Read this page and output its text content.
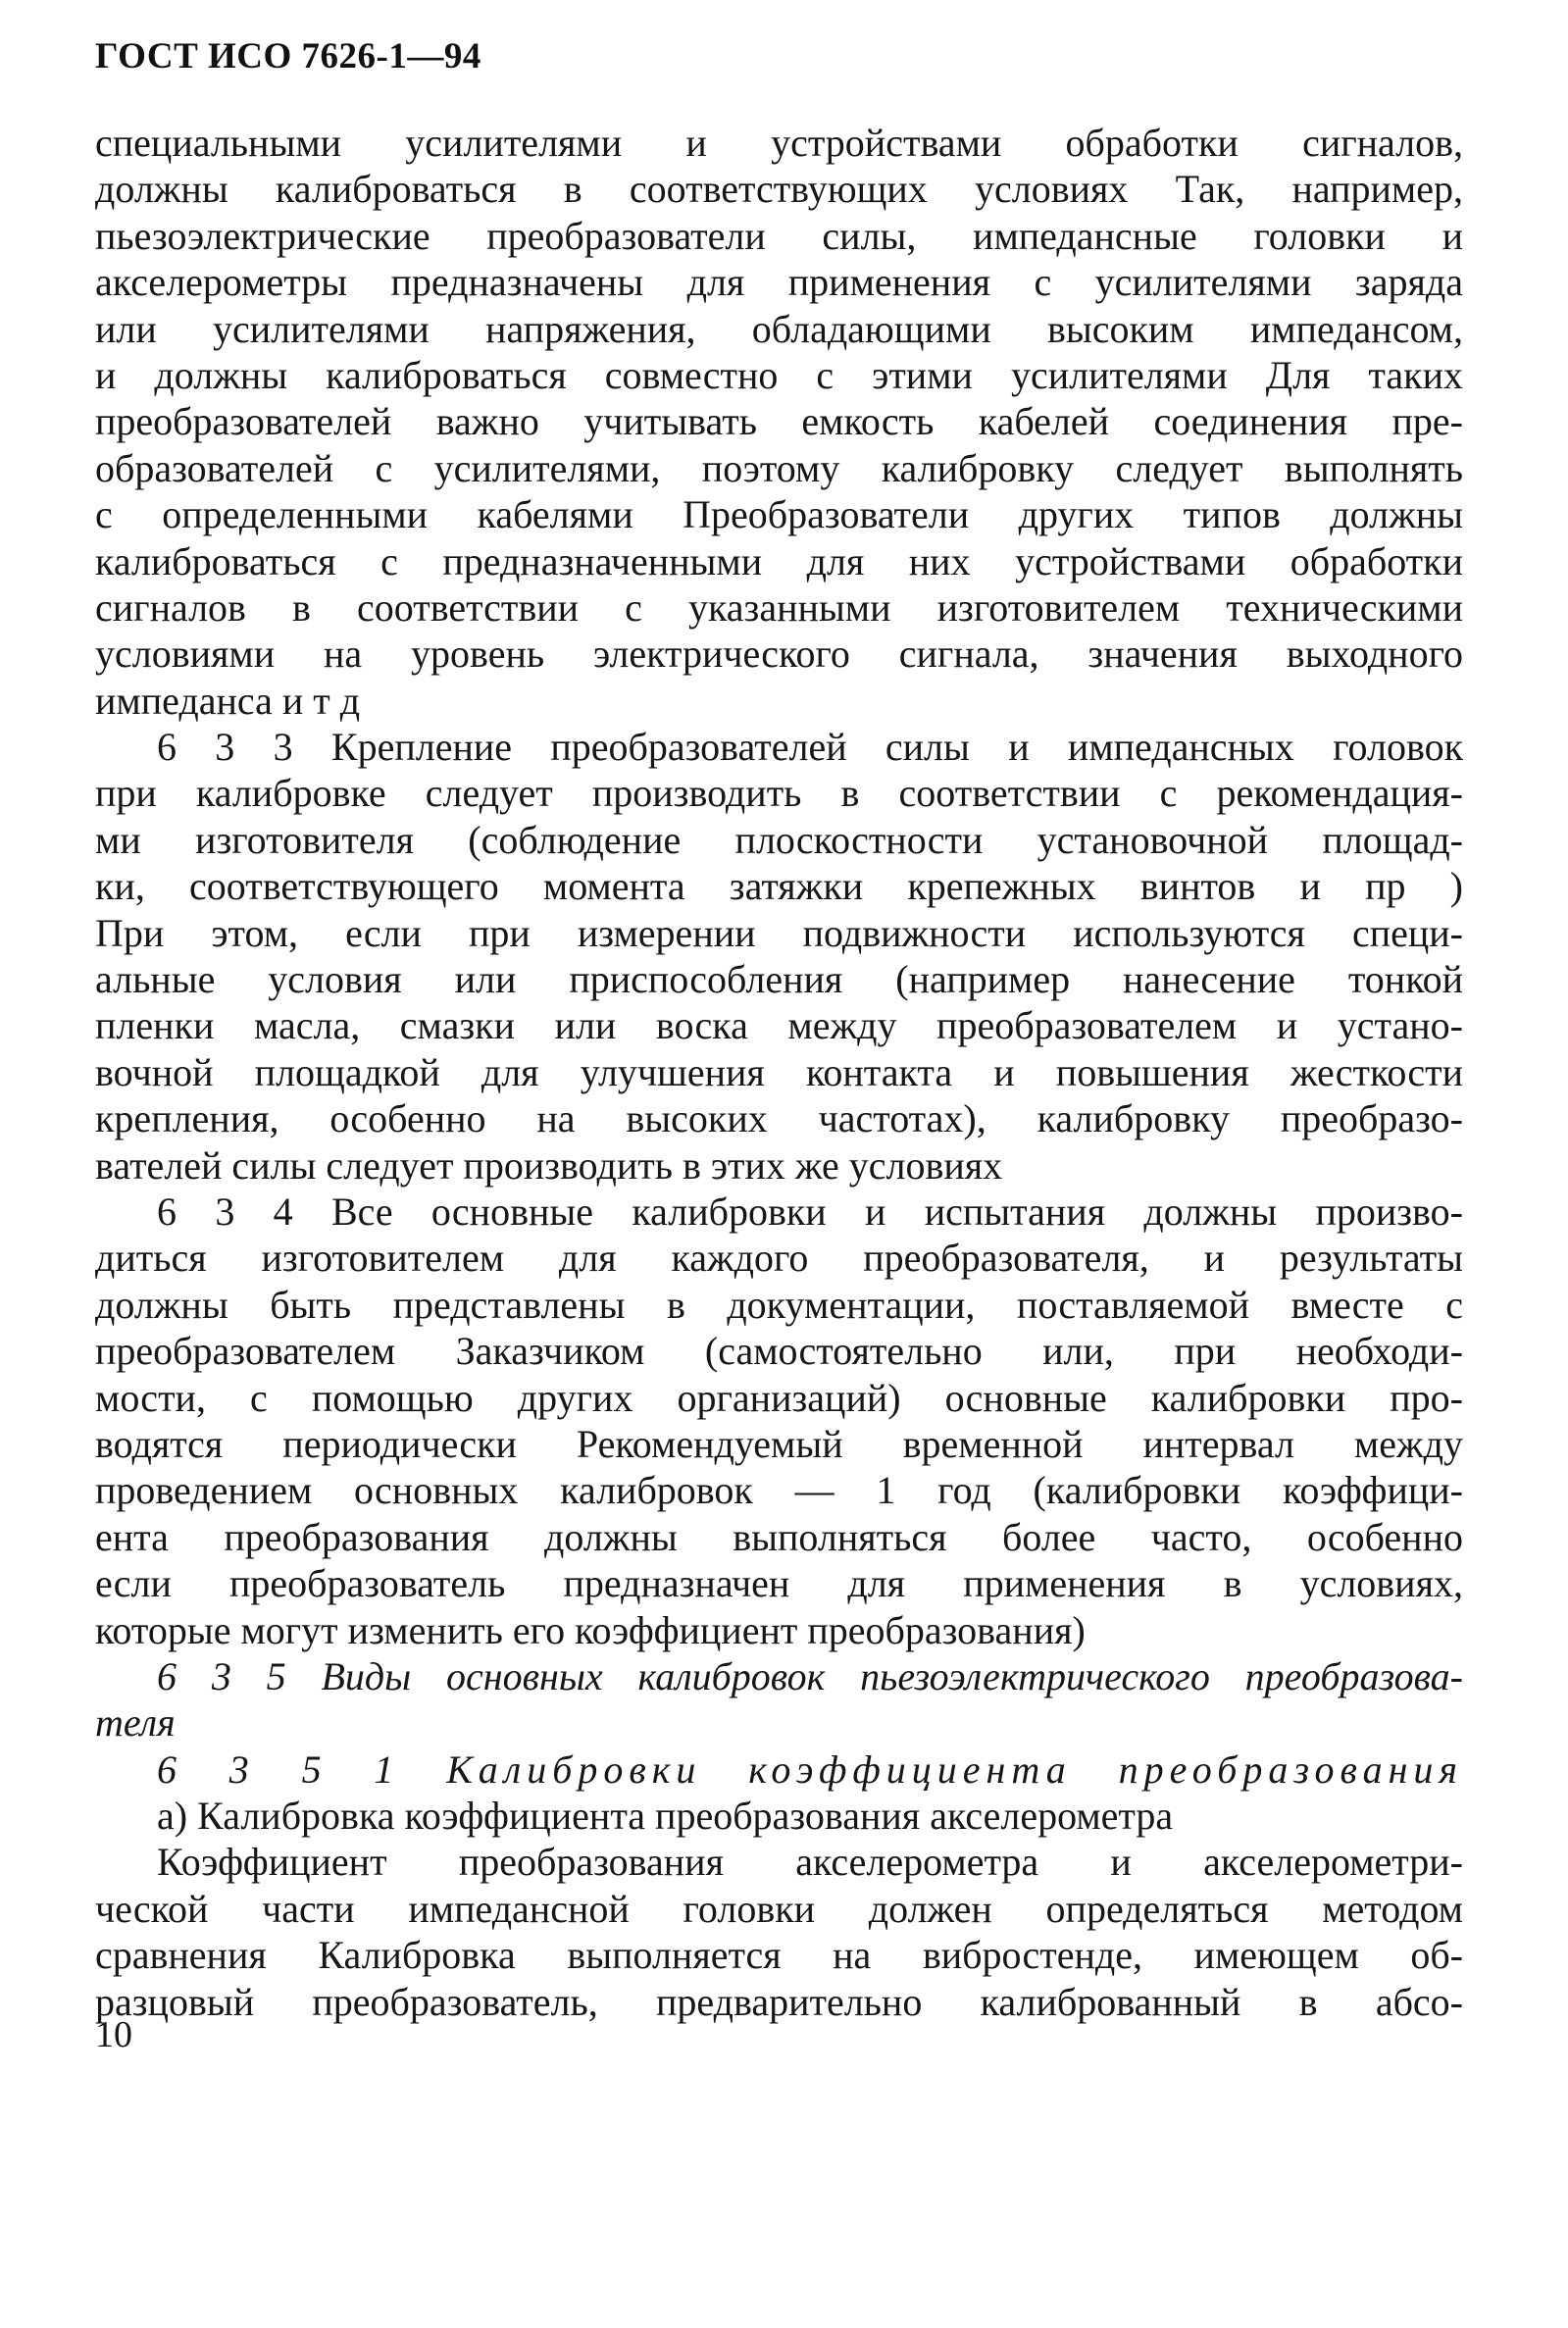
ГОСТ ИСО 7626-1—94
специальными усилителями и устройствами обработки сигналов,
должны калиброваться в соответствующих условиях Так, например,
пьезоэлектрические преобразователи силы, импедансные головки и
акселерометры предназначены для применения с усилителями заряда
или усилителями напряжения, обладающими высоким импедансом,
и должны калиброваться совместно с этими усилителями Для таких
преобразователей важно учитывать емкость кабелей соединения пре-
образователей с усилителями, поэтому калибровку следует выполнять
с определенными кабелями Преобразователи других типов должны
калиброваться с предназначенными для них устройствами обработки
сигналов в соответствии с указанными изготовителем техническими
условиями на уровень электрического сигнала, значения выходного
импеданса и т д
6 3 3 Крепление преобразователей силы и импедансных головок
при калибровке следует производить в соответствии с рекомендация-
ми изготовителя (соблюдение плоскостности установочной площад-
ки, соответствующего момента затяжки крепежных винтов и пр )
При этом, если при измерении подвижности используются специ-
альные условия или приспособления (например нанесение тонкой
пленки масла, смазки или воска между преобразователем и устано-
вочной площадкой для улучшения контакта и повышения жесткости
крепления, особенно на высоких частотах), калибровку преобразо-
вателей силы следует производить в этих же условиях
6 3 4 Все основные калибровки и испытания должны произво-
диться изготовителем для каждого преобразователя, и результаты
должны быть представлены в документации, поставляемой вместе с
преобразователем Заказчиком (самостоятельно или, при необходи-
мости, с помощью других организаций) основные калибровки про-
водятся периодически Рекомендуемый временной интервал между
проведением основных калибровок — 1 год (калибровки коэффици-
ента преобразования должны выполняться более часто, особенно
если преобразователь предназначен для применения в условиях,
которые могут изменить его коэффициент преобразования)
6 3 5 Виды основных калибровок пьезоэлектрического преобразова-
теля
6 3 5 1 Калибровки коэффициента преобразования
а) Калибровка коэффициента преобразования акселерометра
Коэффициент преобразования акселерометра и акселерометри-
ческой части импедансной головки должен определяться методом
сравнения Калибровка выполняется на вибростенде, имеющем об-
разцовый преобразователь, предварительно калиброванный в абсо-
10
